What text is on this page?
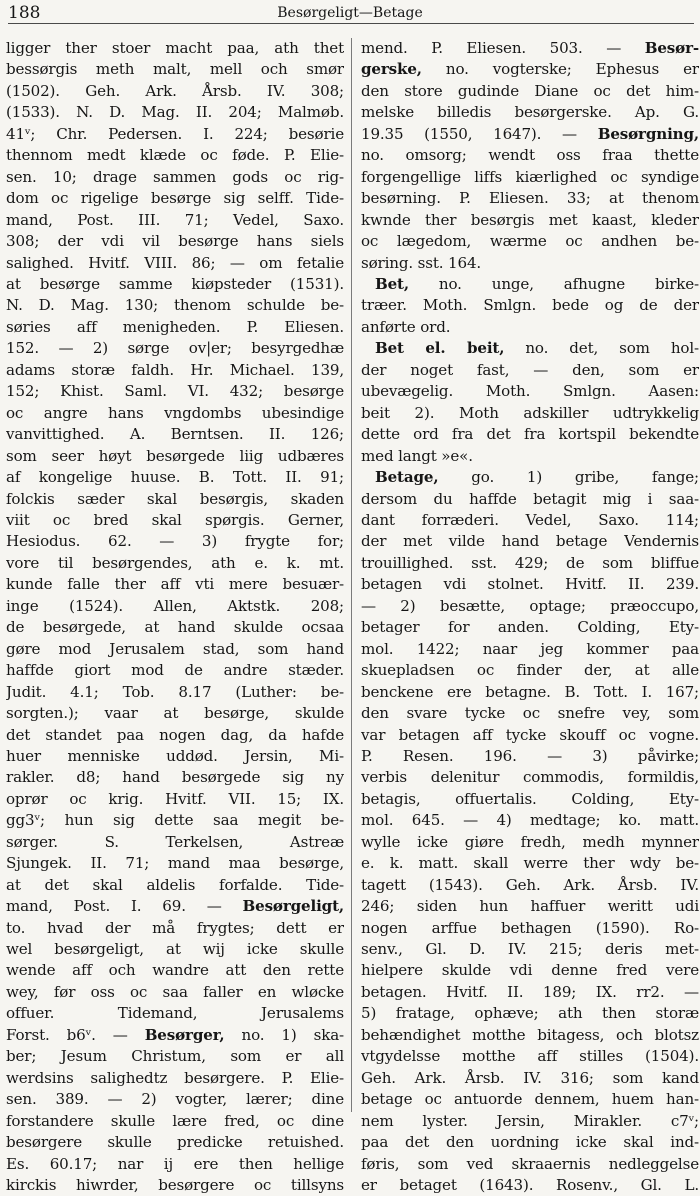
188	Besørgeligt—Betage
ligger ther stoer macht paa, ath thet
bessørgis meth malt, mell och smør
(1502). Geh. Ark. Årsb. IV. 308;
(1533). N. D. Mag. II. 204; Malmøb.
41ᵛ; Chr. Pedersen. I. 224; besørie
thennom medt klæde oc føde. P. Elie-
sen. 10; drage sammen gods oc rig-
dom oc rigelige besørge sig selff. Tide-
mand, Post. III. 71; Vedel, Saxo.
308; der vdi vil besørge hans siels
salighed. Hvitf. VIII. 86; — om fetalie
at besørge samme kiøpsteder (1531).
N. D. Mag. 130; thenom schulde be-
søries aff menigheden. P. Eliesen.
152. — 2) sørge ov|er; besyrgedhæ
adams storæ faldh. Hr. Michael. 139,
152; Khist. Saml. VI. 432; besørge
oc angre hans vngdombs ubesindige
vanvittighed. A. Berntsen. II. 126;
som seer høyt besørgede liig udbæres
af kongelige huuse. B. Tott. II. 91;
folckis sæder skal besørgis, skaden
viit oc bred skal spørgis. Gerner,
Hesiodus. 62. — 3) frygte for;
vore til besørgendes, ath e. k. mt.
kunde falle ther aff vti mere besuær-
inge (1524). Allen, Aktstk. 208;
de besørgede, at hand skulde ocsaa
gøre mod Jerusalem stad, som hand
haffde giort mod de andre stæder.
Judit. 4.1; Tob. 8.17 (Luther: be-
sorgten.); vaar at besørge, skulde
det standet paa nogen dag, da hafde
huer menniske uddød. Jersin, Mi-
rakler. d8; hand besørgede sig ny
oprør oc krig. Hvitf. VII. 15; IX.
gg3ᵛ; hun sig dette saa megit be-
sørger. S. Terkelsen, Astreæ
Sjungek. II. 71; mand maa besørge,
at det skal aldelis forfalde. Tide-
mand, Post. I. 69. — Besørgeligt,
to. hvad der må frygtes; dett er
wel besørgeligt, at wij icke skulle
wende aff och wandre att den rette
wey, før oss oc saa faller en wløcke
offuer. Tidemand, Jerusalems
Forst. b6ᵛ. — Besørger, no. 1) ska-
ber; Jesum Christum, som er all
werdsins salighedtz besørgere. P. Elie-
sen. 389. — 2) vogter, lærer; dine
forstandere skulle lære fred, oc dine
besørgere skulle predicke retuished.
Es. 60.17; nar ij ere then hellige
kirckis hiwrder, besørgere oc tillsyns
mend. P. Eliesen. 503. — Besør-
gerske, no. vogterske; Ephesus er
den store gudinde Diane oc det him-
melske billedis besørgerske. Ap. G.
19.35 (1550, 1647). — Besørgning,
no. omsorg; wendt oss fraa thette
forgengellige liffs kiærlighed oc syndige
besørning. P. Eliesen. 33; at thenom
kwnde ther besørgis met kaast, kleder
oc lægedom, wærme oc andhen be-
søring. sst. 164.
Bet, no. unge, afhugne birke-
træer. Moth. Smlgn. bede og de der
anførte ord.
Bet el. beit, no. det, som hol-
der noget fast, — den, som er
ubevægelig. Moth. Smlgn. Aasen:
beit 2). Moth adskiller udtrykkelig
dette ord fra det fra kortspil bekendte
med langt »e«.
Betage, go. 1) gribe, fange;
dersom du haffde betagit mig i saa-
dant forræderi. Vedel, Saxo. 114;
der met vilde hand betage Vendernis
trouillighed. sst. 429; de som bliffue
betagen vdi stolnet. Hvitf. II. 239.
— 2) besætte, optage; præoccupo,
betager for anden. Colding, Ety-
mol. 1422; naar jeg kommer paa
skuepladsen oc finder der, at alle
benckene ere betagne. B. Tott. I. 167;
den svare tycke oc snefre vey, som
var betagen aff tycke skouff oc vogne.
P. Resen. 196. — 3) påvirke;
verbis delenitur commodis, formildis,
betagis, offuertalis. Colding, Ety-
mol. 645. — 4) medtage; ko. matt.
wylle icke giøre fredh, medh mynner
e. k. matt. skall werre ther wdy be-
tagett (1543). Geh. Ark. Årsb. IV.
246; siden hun haffuer weritt udi
nogen arffue bethagen (1590). Ro-
senv., Gl. D. IV. 215; deris met-
hielpere skulde vdi denne fred vere
betagen. Hvitf. II. 189; IX. rr2. —
5) fratage, ophæve; ath then storæ
behændighet motthe bitagess, och blotsz
vtgydelsse motthe aff stilles (1504).
Geh. Ark. Årsb. IV. 316; som kand
betage oc antuorde dennem, huem han-
nem lyster. Jersin, Mirakler. c7ᵛ;
paa det den uordning icke skal ind-
føris, som ved skraaernis nedleggelse
er betaget (1643). Rosenv., Gl. L.
